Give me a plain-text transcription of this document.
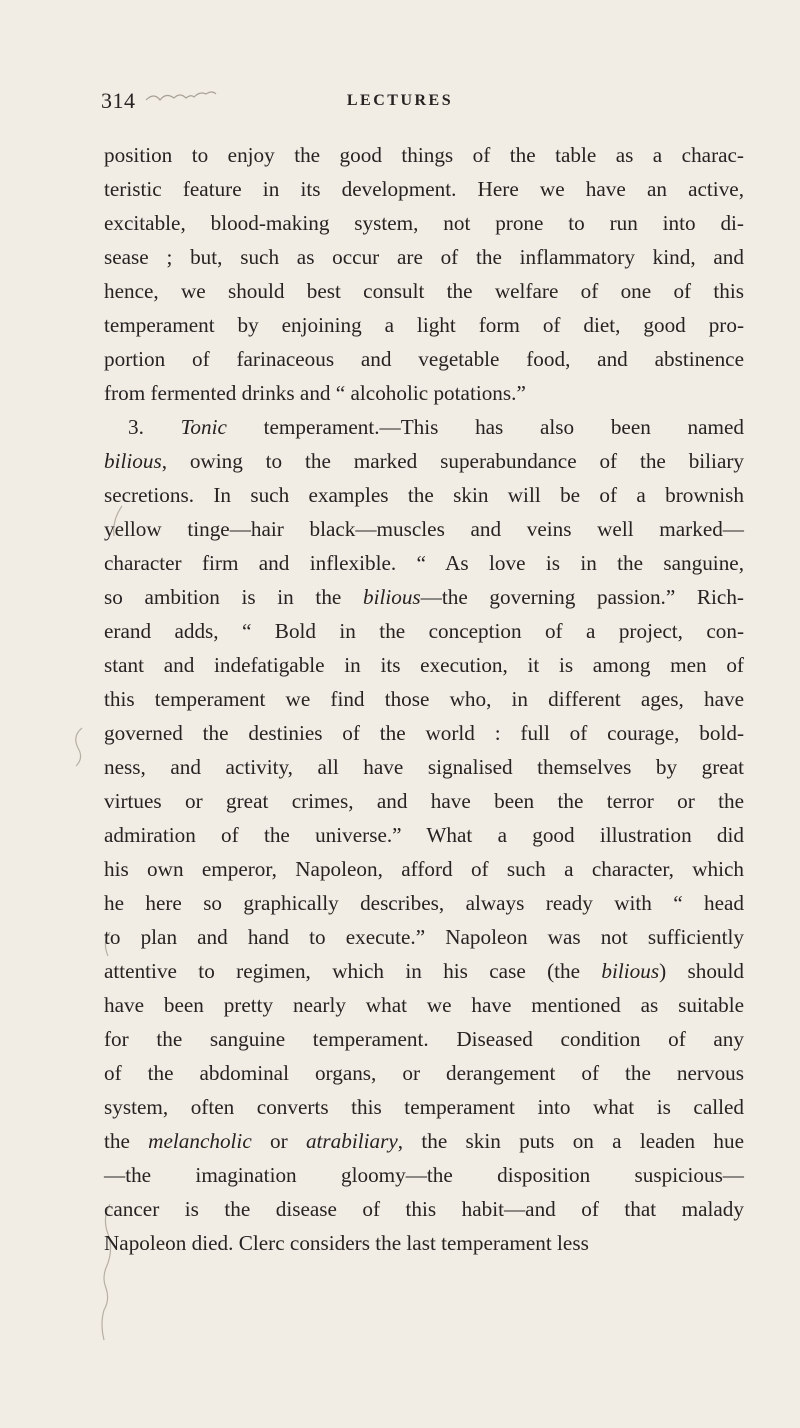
314	LECTURES
position to enjoy the good things of the table as a charac-
teristic feature in its development. Here we have an active,
excitable, blood-making system, not prone to run into di-
sease ; but, such as occur are of the inflammatory kind, and
hence, we should best consult the welfare of one of this
temperament by enjoining a light form of diet, good pro-
portion of farinaceous and vegetable food, and abstinence
from fermented drinks and “ alcoholic potations.”
3. Tonic temperament.—This has also been named
bilious, owing to the marked superabundance of the biliary
secretions. In such examples the skin will be of a brownish
yellow tinge—hair black—muscles and veins well marked—
character firm and inflexible. “ As love is in the sanguine,
so ambition is in the bilious—the governing passion.” Rich-
erand adds, “ Bold in the conception of a project, con-
stant and indefatigable in its execution, it is among men of
this temperament we find those who, in different ages, have
governed the destinies of the world : full of courage, bold-
ness, and activity, all have signalised themselves by great
virtues or great crimes, and have been the terror or the
admiration of the universe.” What a good illustration did
his own emperor, Napoleon, afford of such a character, which
he here so graphically describes, always ready with “ head
to plan and hand to execute.” Napoleon was not sufficiently
attentive to regimen, which in his case (the bilious) should
have been pretty nearly what we have mentioned as suitable
for the sanguine temperament. Diseased condition of any
of the abdominal organs, or derangement of the nervous
system, often converts this temperament into what is called
the melancholic or atrabiliary, the skin puts on a leaden hue
—the imagination gloomy—the disposition suspicious—
cancer is the disease of this habit—and of that malady
Napoleon died. Clerc considers the last temperament less
